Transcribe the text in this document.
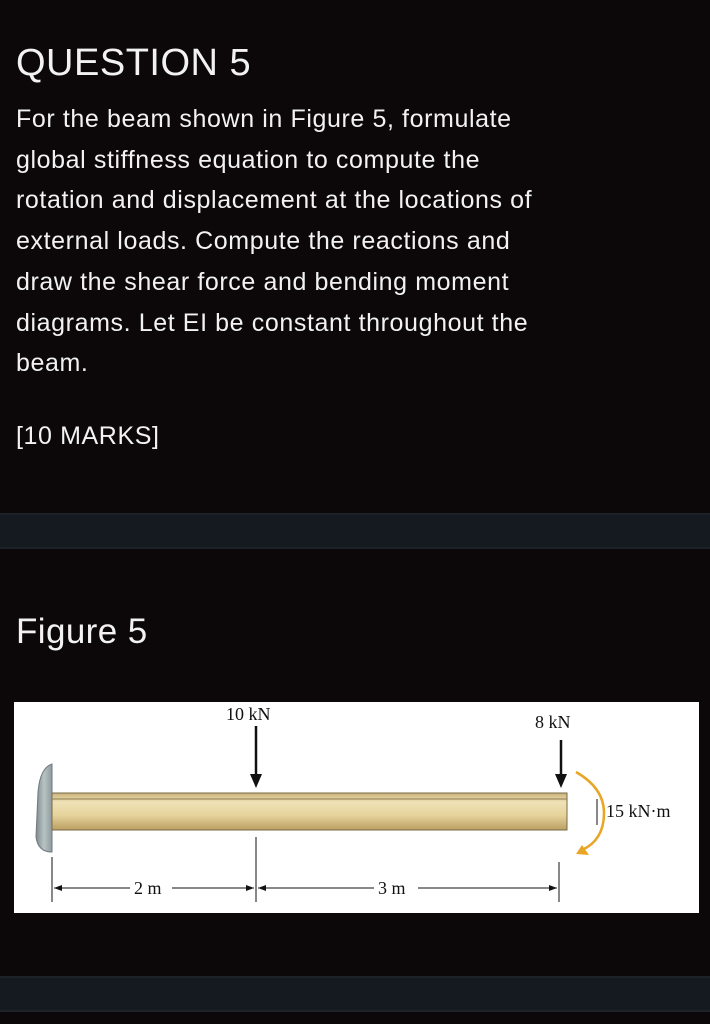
QUESTION 5

For the beam shown in Figure 5, formulate
global stiffness equation to compute the
rotation and displacement at the locations of
external loads. Compute the reactions and
draw the shear force and bending moment
diagrams. Let EI be constant throughout the
beam.

[10 MARKS]
Figure 5
10 kN	8 kN
15 kN·m
2 m	3 m
